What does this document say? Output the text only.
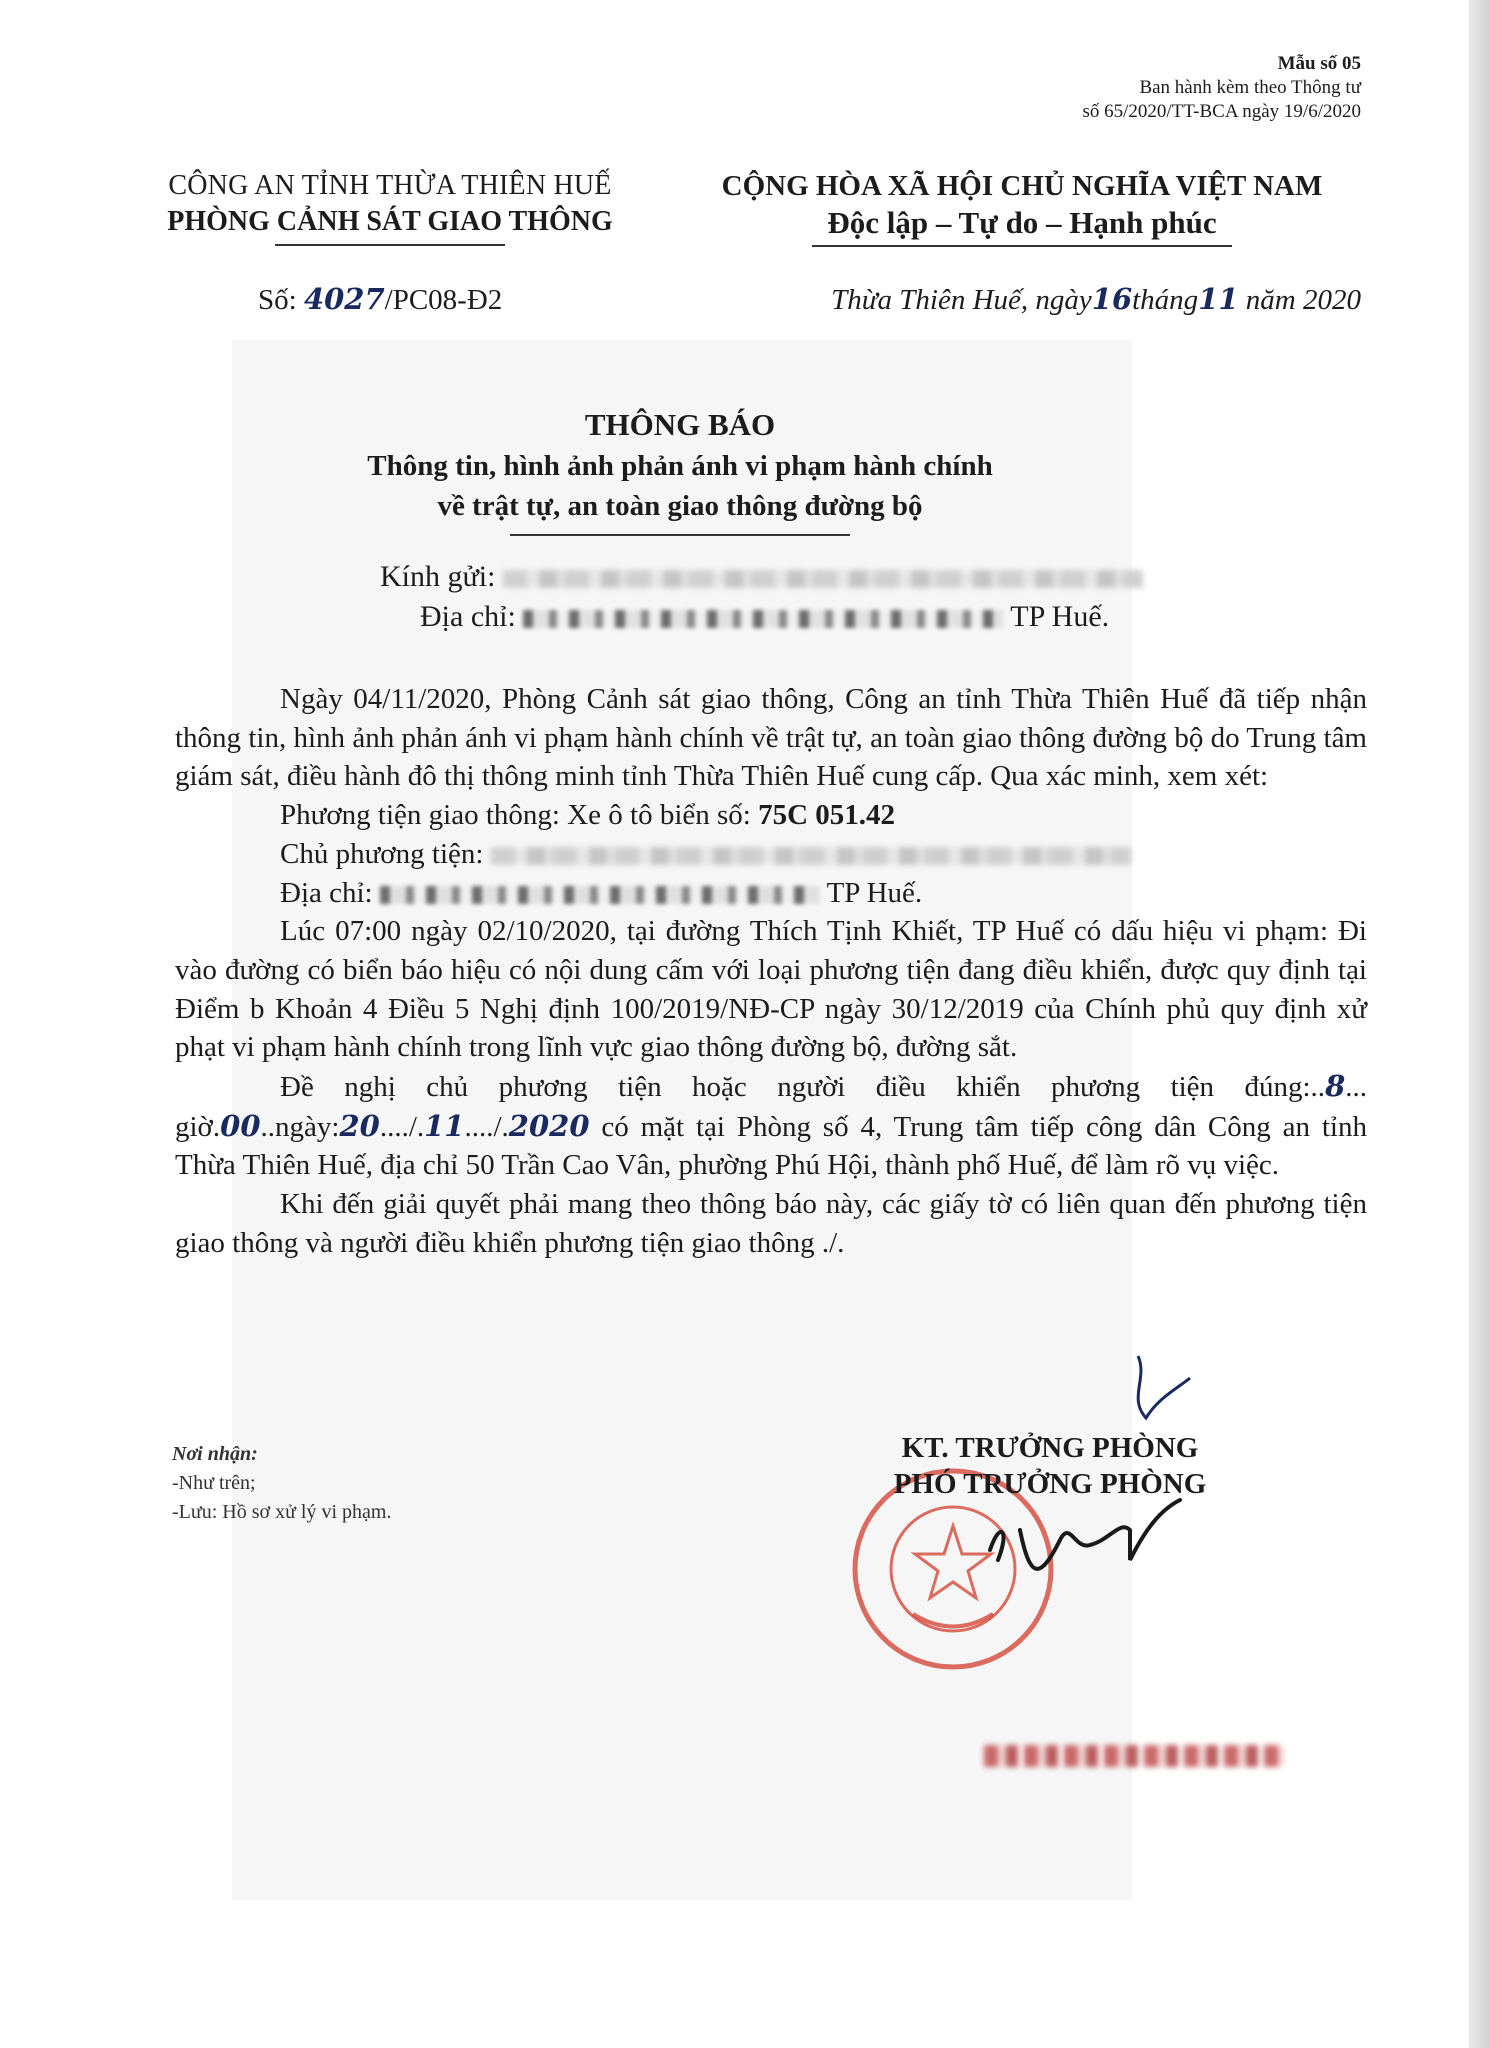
Mẫu số 05
Ban hành kèm theo Thông tư
số 65/2020/TT-BCA ngày 19/6/2020
CÔNG AN TỈNH THỪA THIÊN HUẾ
PHÒNG CẢNH SÁT GIAO THÔNG
CỘNG HÒA XÃ HỘI CHỦ NGHĨA VIỆT NAM
Độc lập – Tự do – Hạnh phúc
Số: 4027/PC08-Đ2	Thừa Thiên Huế, ngày16tháng11 năm 2020
THÔNG BÁO
Thông tin, hình ảnh phản ánh vi phạm hành chính
về trật tự, an toàn giao thông đường bộ
Kính gửi:
Địa chỉ:	TP Huế.

Ngày 04/11/2020, Phòng Cảnh sát giao thông, Công an tỉnh Thừa Thiên Huế đã tiếp nhận thông tin, hình ảnh phản ánh vi phạm hành chính về trật tự, an toàn giao thông đường bộ do Trung tâm giám sát, điều hành đô thị thông minh tỉnh Thừa Thiên Huế cung cấp. Qua xác minh, xem xét:

Phương tiện giao thông: Xe ô tô biển số: 75C 051.42

Chủ phương tiện:

Địa chỉ:	TP Huế.

Lúc 07:00 ngày 02/10/2020, tại đường Thích Tịnh Khiết, TP Huế có dấu hiệu vi phạm: Đi vào đường có biển báo hiệu có nội dung cấm với loại phương tiện đang điều khiển, được quy định tại Điểm b Khoản 4 Điều 5 Nghị định 100/2019/NĐ-CP ngày 30/12/2019 của Chính phủ quy định xử phạt vi phạm hành chính trong lĩnh vực giao thông đường bộ, đường sắt.

Đề nghị chủ phương tiện hoặc người điều khiển phương tiện đúng:..8... giờ.00..ngày:20..../.11..../.2020 có mặt tại Phòng số 4, Trung tâm tiếp công dân Công an tỉnh Thừa Thiên Huế, địa chỉ 50 Trần Cao Vân, phường Phú Hội, thành phố Huế, để làm rõ vụ việc.

Khi đến giải quyết phải mang theo thông báo này, các giấy tờ có liên quan đến phương tiện giao thông và người điều khiển phương tiện giao thông ./.

Nơi nhận:
-Như trên;
-Lưu: Hồ sơ xử lý vi phạm.
KT. TRƯỞNG PHÒNG
PHÓ TRƯỞNG PHÒNG
